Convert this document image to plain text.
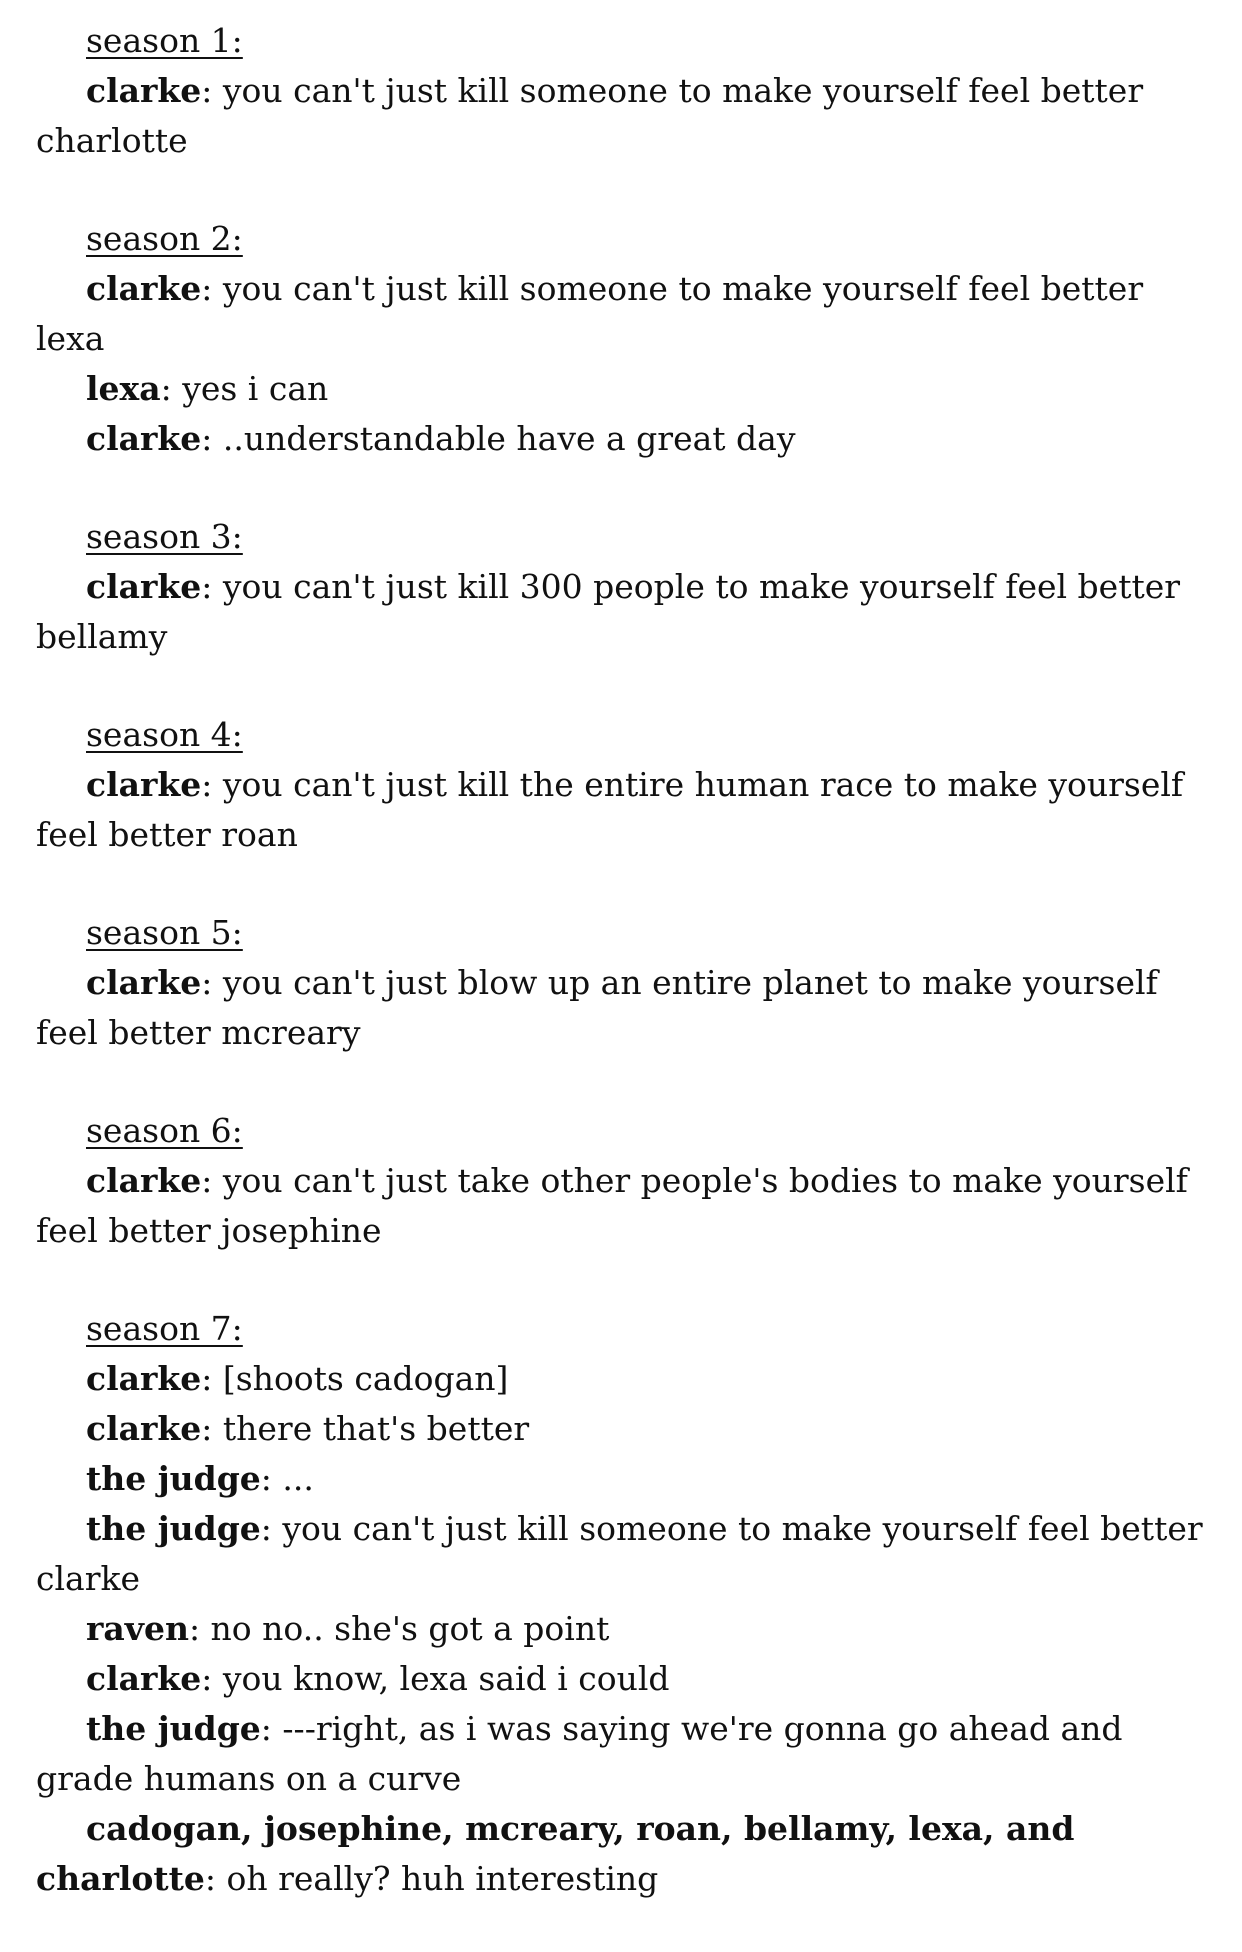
season 1:

clarke: you can't just kill someone to make yourself feel better charlotte

season 2:

clarke: you can't just kill someone to make yourself feel better lexa

lexa: yes i can

clarke: ..understandable have a great day

season 3:

clarke: you can't just kill 300 people to make yourself feel better bellamy

season 4:

clarke: you can't just kill the entire human race to make yourself feel better roan

season 5:

clarke: you can't just blow up an entire planet to make yourself feel better mcreary

season 6:

clarke: you can't just take other people's bodies to make yourself feel better josephine

season 7:

clarke: [shoots cadogan]

clarke: there that's better

the judge: ...

the judge: you can't just kill someone to make yourself feel better clarke

raven: no no.. she's got a point

clarke: you know, lexa said i could

the judge: ---right, as i was saying we're gonna go ahead and grade humans on a curve

cadogan, josephine, mcreary, roan, bellamy, lexa, and charlotte: oh really? huh interesting
